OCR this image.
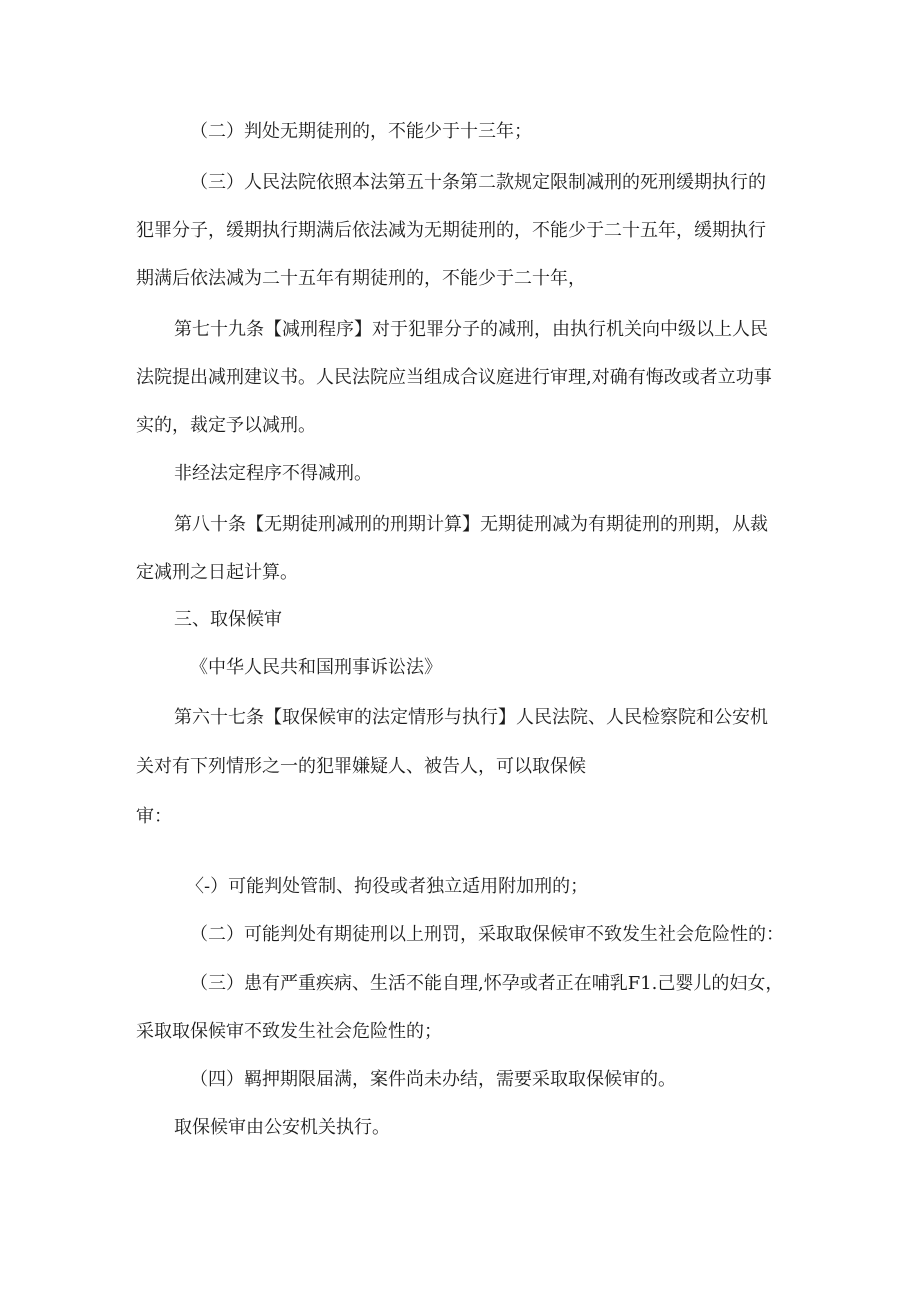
（二）判处无期徒刑的，不能少于十三年；
（三）人民法院依照本法第五十条第二款规定限制减刑的死刑缓期执行的
犯罪分子，缓期执行期满后依法减为无期徒刑的，不能少于二十五年，缓期执行
期满后依法减为二十五年有期徒刑的，不能少于二十年，
第七十九条【减刑程序】对于犯罪分子的减刑，由执行机关向中级以上人民
法院提出减刑建议书。人民法院应当组成合议庭进行审理,对确有悔改或者立功事
实的，裁定予以减刑。
非经法定程序不得减刑。
第八十条【无期徒刑减刑的刑期计算】无期徒刑减为有期徒刑的刑期，从裁
定减刑之日起计算。
三、取保候审
《中华人民共和国刑事诉讼法》
第六十七条【取保候审的法定情形与执行】人民法院、人民检察院和公安机
关对有下列情形之一的犯罪嫌疑人、被告人，可以取保候
审：
〈-）可能判处管制、拘役或者独立适用附加刑的；
（二）可能判处有期徒刑以上刑罚，采取取保候审不致发生社会危险性的：
（三）患有严重疾病、生活不能自理,怀孕或者正在哺乳F1.己婴儿的妇女，
采取取保候审不致发生社会危险性的；
（四）羁押期限届满，案件尚未办结，需要采取取保候审的。
取保候审由公安机关执行。
